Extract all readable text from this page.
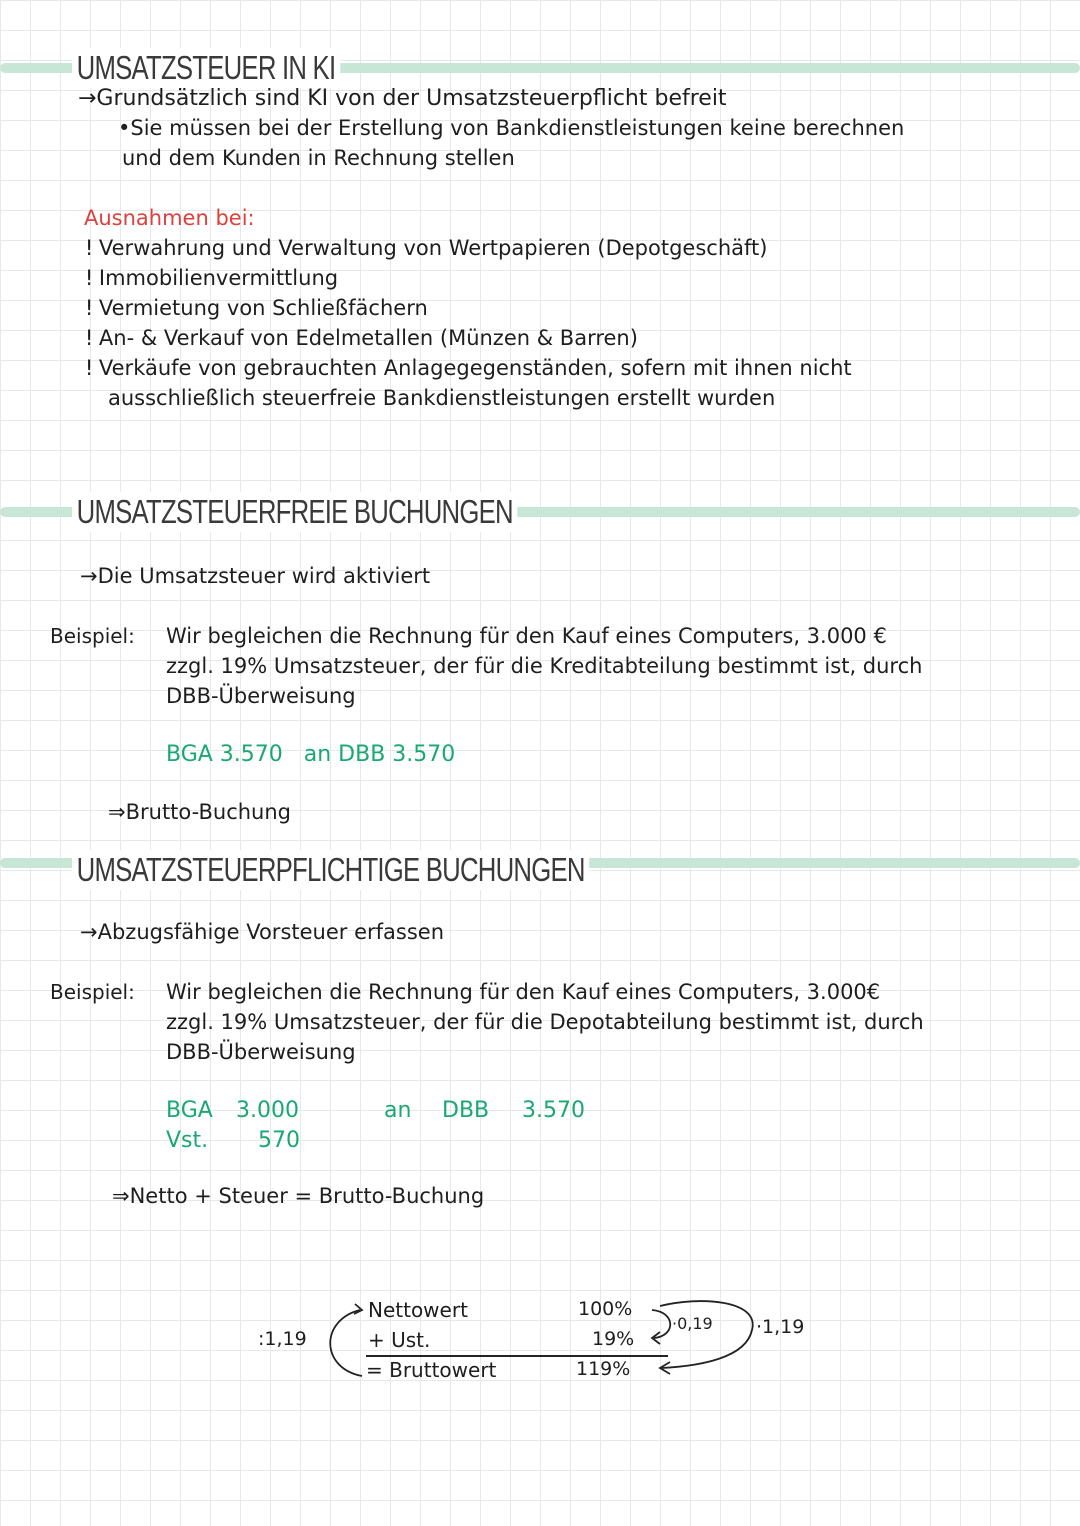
UMSATZSTEUER IN KI
→Grundsätzlich sind KI von der Umsatzsteuerpflicht befreit
•Sie müssen bei der Erstellung von Bankdienstleistungen keine berechnen
und dem Kunden in Rechnung stellen
Ausnahmen bei:
ǃ Verwahrung und Verwaltung von Wertpapieren (Depotgeschäft)
ǃ Immobilienvermittlung
ǃ Vermietung von Schließfächern
ǃ An- & Verkauf von Edelmetallen (Münzen & Barren)
ǃ Verkäufe von gebrauchten Anlagegegenständen, sofern mit ihnen nicht
ausschließlich steuerfreie Bankdienstleistungen erstellt wurden
UMSATZSTEUERFREIE BUCHUNGEN
→Die Umsatzsteuer wird aktiviert
Beispiel: Wir begleichen die Rechnung für den Kauf eines Computers, 3.000 €
zzgl. 19% Umsatzsteuer, der für die Kreditabteilung bestimmt ist, durch
DBB-Überweisung
BGA 3.570   an DBB 3.570
⇒Brutto-Buchung
UMSATZSTEUERPFLICHTIGE BUCHUNGEN
→Abzugsfähige Vorsteuer erfassen
Beispiel: Wir begleichen die Rechnung für den Kauf eines Computers, 3.000€
zzgl. 19% Umsatzsteuer, der für die Depotabteilung bestimmt ist, durch
DBB-Überweisung
BGA 3.000
Vst. 570
an DBB 3.570
⇒Netto + Steuer = Brutto-Buchung
:1,19
Nettowert
+ Ust.
= Bruttowert
100%
19%
119%
·0,19 ·1,19
